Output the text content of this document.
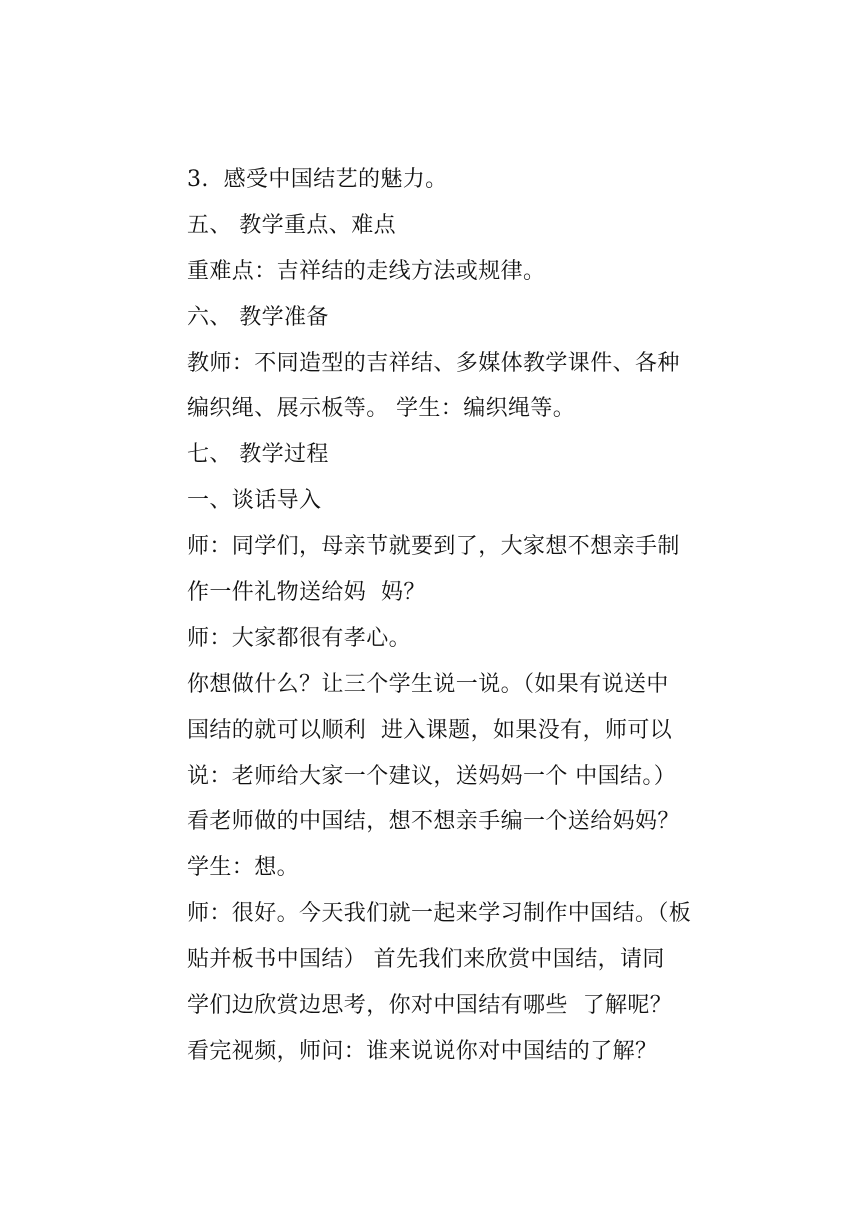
3.  感受中国结艺的魅力。
五、 教学重点、难点
重难点：吉祥结的走线方法或规律。
六、 教学准备
教师：不同造型的吉祥结、多媒体教学课件、各种
编织绳、展示板等。 学生：编织绳等。
七、 教学过程
一、谈话导入
师：同学们，母亲节就要到了，大家想不想亲手制
作一件礼物送给妈  妈？
师：大家都很有孝心。
你想做什么？让三个学生说一说。（如果有说送中
国结的就可以顺利  进入课题，如果没有，师可以
说：老师给大家一个建议，送妈妈一个 中国结。）
看老师做的中国结，想不想亲手编一个送给妈妈？
学生：想。
师：很好。今天我们就一起来学习制作中国结。（板
贴并板书中国结） 首先我们来欣赏中国结，请同
学们边欣赏边思考，你对中国结有哪些  了解呢？
看完视频，师问：谁来说说你对中国结的了解？
